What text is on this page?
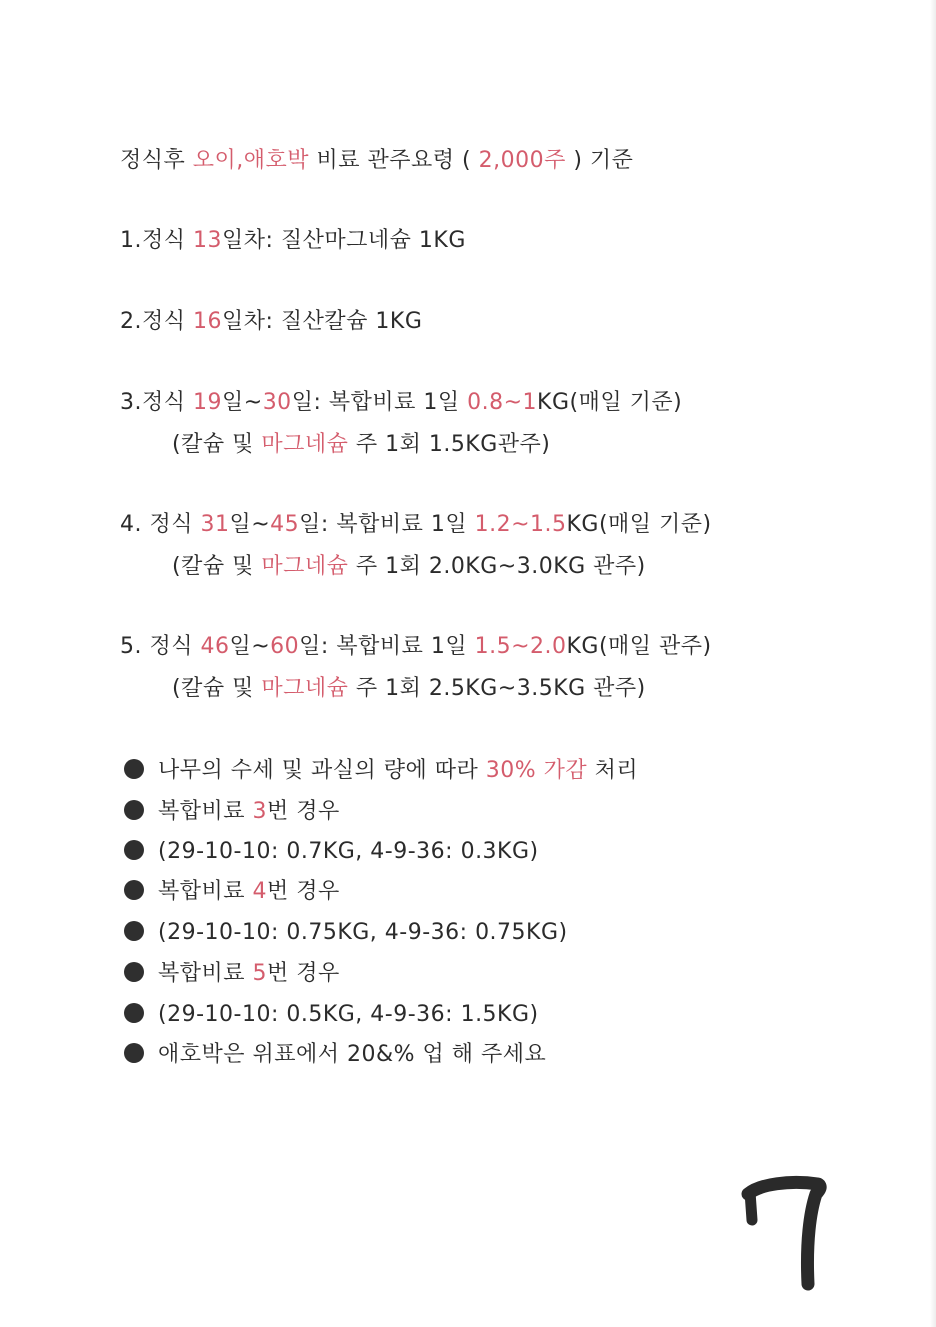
정식후 오이,애호박 비료 관주요령 ( 2,000주 ) 기준
1.정식 13일차: 질산마그네슘 1KG
2.정식 16일차: 질산칼슘 1KG
3.정식 19일~30일: 복합비료 1일 0.8~1KG(매일 기준)
(칼슘 및 마그네슘 주 1회 1.5KG관주)
4. 정식 31일~45일: 복합비료 1일 1.2~1.5KG(매일 기준)
(칼슘 및 마그네슘 주 1회 2.0KG~3.0KG 관주)
5. 정식 46일~60일: 복합비료 1일 1.5~2.0KG(매일 관주)
(칼슘 및 마그네슘 주 1회 2.5KG~3.5KG 관주)
나무의 수세 및 과실의 량에 따라 30% 가감 처리
복합비료 3번 경우
(29-10-10: 0.7KG, 4-9-36: 0.3KG)
복합비료 4번 경우
(29-10-10: 0.75KG, 4-9-36: 0.75KG)
복합비료 5번 경우
(29-10-10: 0.5KG, 4-9-36: 1.5KG)
애호박은 위표에서 20&% 업 해 주세요
